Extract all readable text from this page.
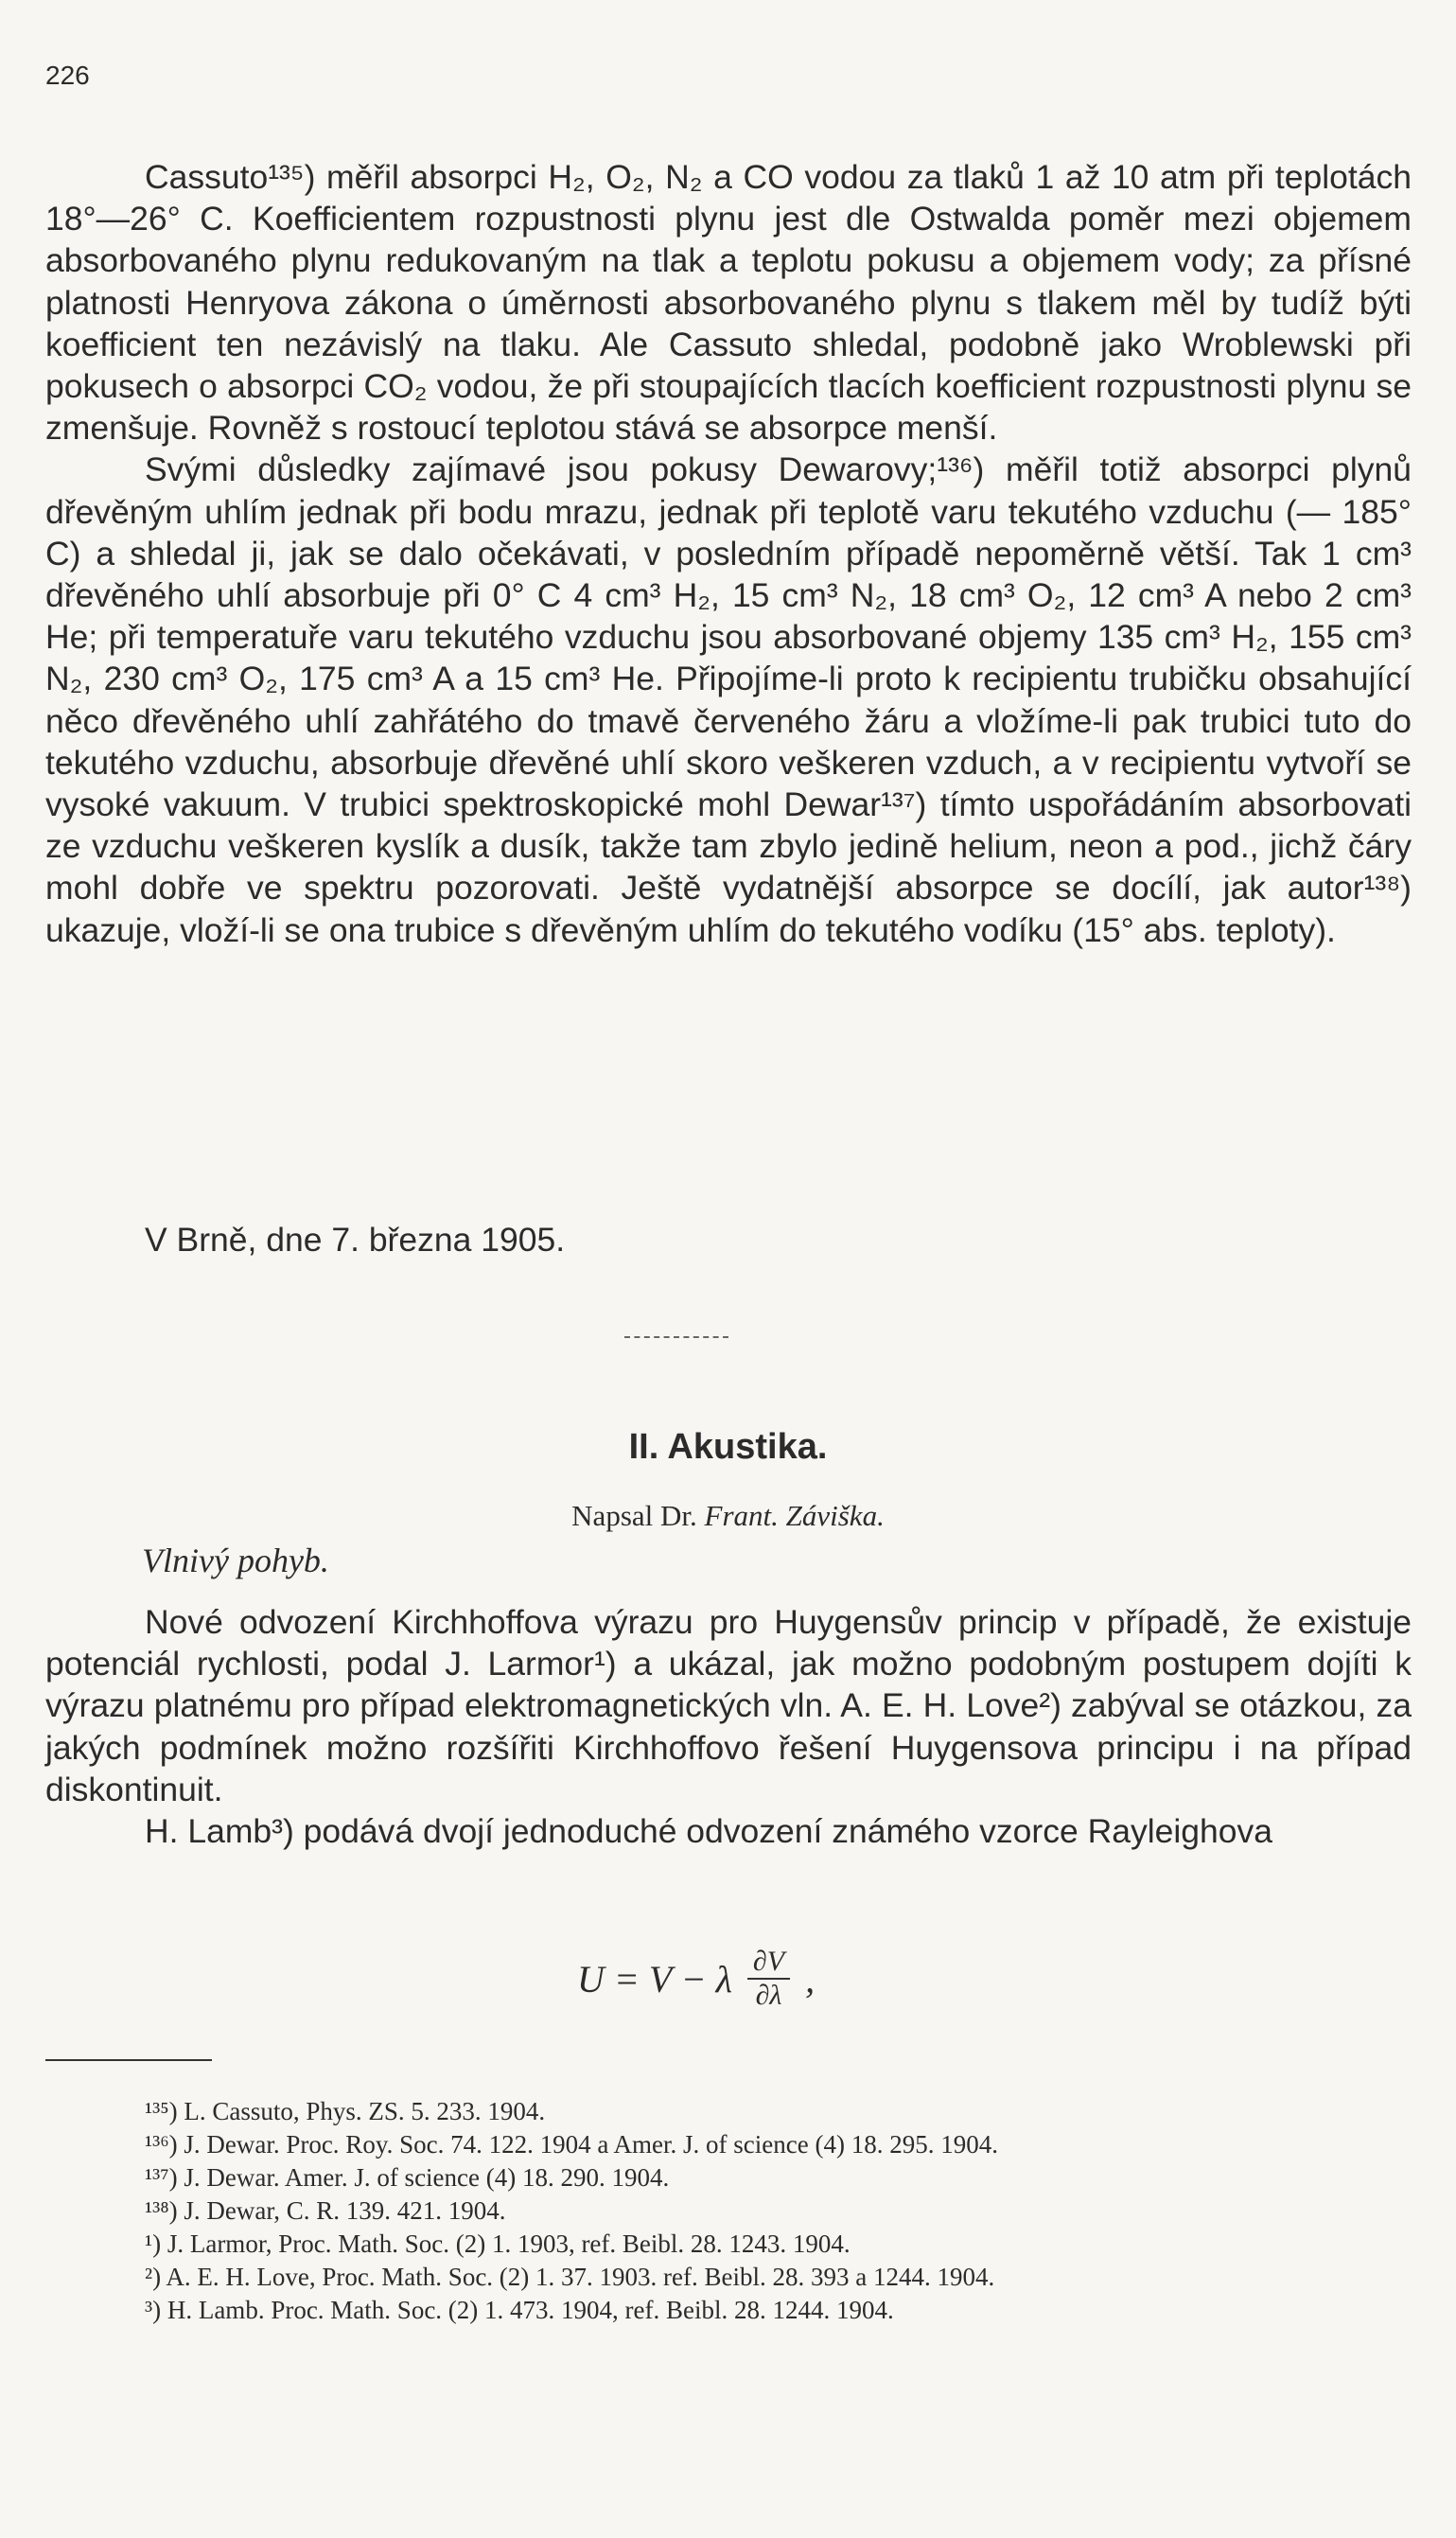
226

Cassuto¹³⁵) měřil absorpci H₂, O₂, N₂ a CO vodou za tlaků 1 až 10 atm při teplotách 18°—26° C. Koefficientem rozpustnosti plynu jest dle Ostwalda poměr mezi objemem absorbovaného plynu redukovaným na tlak a teplotu pokusu a objemem vody; za přísné platnosti Henryova zákona o úměrnosti absorbovaného plynu s tlakem měl by tudíž býti koefficient ten nezávislý na tlaku. Ale Cassuto shledal, podobně jako Wroblewski při pokusech o absorpci CO₂ vodou, že při stoupajících tlacích koefficient rozpustnosti plynu se zmenšuje. Rovněž s rostoucí teplotou stává se absorpce menší.

Svými důsledky zajímavé jsou pokusy Dewarovy;¹³⁶) měřil totiž absorpci plynů dřevěným uhlím jednak při bodu mrazu, jednak při teplotě varu tekutého vzduchu (— 185° C) a shledal ji, jak se dalo očekávati, v posledním případě nepoměrně větší. Tak 1 cm³ dřevěného uhlí absorbuje při 0° C 4 cm³ H₂, 15 cm³ N₂, 18 cm³ O₂, 12 cm³ A nebo 2 cm³ He; při temperatuře varu tekutého vzduchu jsou absorbované objemy 135 cm³ H₂, 155 cm³ N₂, 230 cm³ O₂, 175 cm³ A a 15 cm³ He. Připojíme-li proto k recipientu trubičku obsahující něco dřevěného uhlí zahřátého do tmavě červeného žáru a vložíme-li pak trubici tuto do tekutého vzduchu, absorbuje dřevěné uhlí skoro veškeren vzduch, a v recipientu vytvoří se vysoké vakuum. V trubici spektroskopické mohl Dewar¹³⁷) tímto uspořádáním absorbovati ze vzduchu veškeren kyslík a dusík, takže tam zbylo jedině helium, neon a pod., jichž čáry mohl dobře ve spektru pozorovati. Ještě vydatnější absorpce se docílí, jak autor¹³⁸) ukazuje, vloží-li se ona trubice s dřevěným uhlím do tekutého vodíku (15° abs. teploty).

V Brně, dne 7. března 1905.
II. Akustika.
Napsal Dr. Frant. Záviška.
Vlnivý pohyb.

Nové odvození Kirchhoffova výrazu pro Huygensův princip v případě, že existuje potenciál rychlosti, podal J. Larmor¹) a ukázal, jak možno podobným postupem dojíti k výrazu platnému pro případ elektromagnetických vln. A. E. H. Love²) zabýval se otázkou, za jakých podmínek možno rozšířiti Kirchhoffovo řešení Huygensova principu i na případ diskontinuit.

H. Lamb³) podává dvojí jednoduché odvození známého vzorce Rayleighova

U = V − λ $\frac{\partial V}{\partial\lambda}$ ,

¹³⁵) L. Cassuto, Phys. ZS. 5. 233. 1904.

¹³⁶) J. Dewar. Proc. Roy. Soc. 74. 122. 1904 a Amer. J. of science (4) 18. 295. 1904.

¹³⁷) J. Dewar. Amer. J. of science (4) 18. 290. 1904.

¹³⁸) J. Dewar, C. R. 139. 421. 1904.

¹) J. Larmor, Proc. Math. Soc. (2) 1. 1903, ref. Beibl. 28. 1243. 1904.

²) A. E. H. Love, Proc. Math. Soc. (2) 1. 37. 1903. ref. Beibl. 28. 393 a 1244. 1904.

³) H. Lamb. Proc. Math. Soc. (2) 1. 473. 1904, ref. Beibl. 28. 1244. 1904.
